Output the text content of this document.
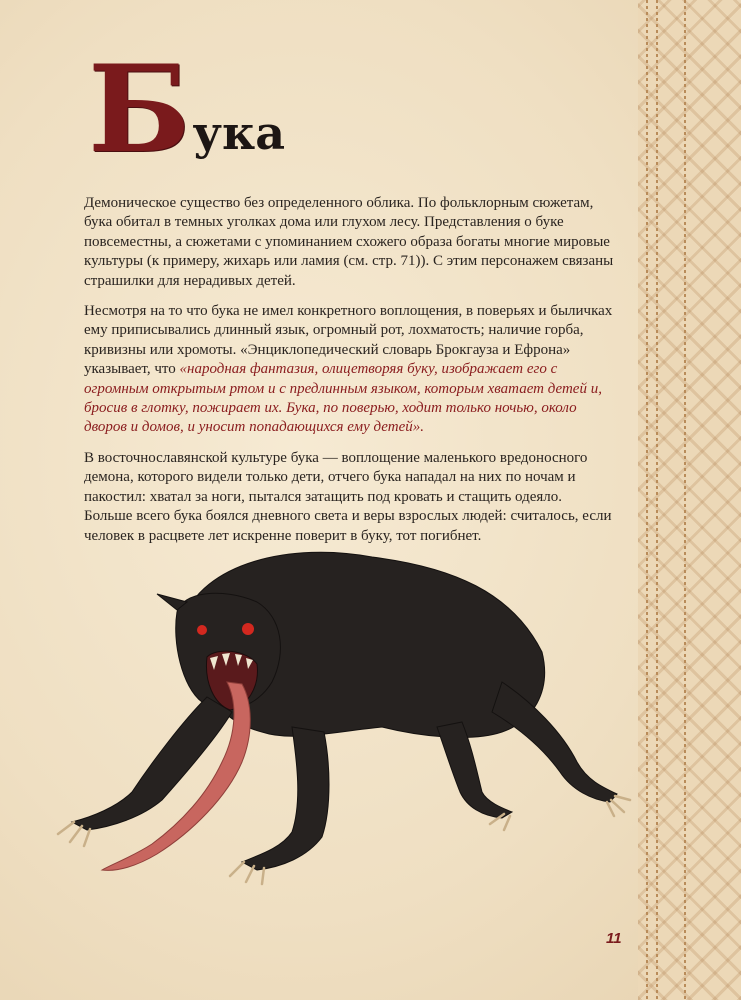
Б ука

Демоническое существо без определенного облика. По фольклорным сюжетам, бука обитал в темных уголках дома или глухом лесу. Представления о буке повсеместны, а сюжетами с упоминанием схожего образа богаты многие мировые культуры (к примеру, жихарь или ламия (см. стр. 71)). С этим персонажем связаны страшилки для нерадивых детей.

Несмотря на то что бука не имел конкретного воплощения, в поверьях и быличках ему приписывались длинный язык, огромный рот, лохматость; наличие горба, кривизны или хромоты. «Энциклопедический словарь Брокгауза и Ефрона» указывает, что «народная фантазия, олицетворяя буку, изображает его с огромным открытым ртом и с предлинным языком, которым хватает детей и, бросив в глотку, пожирает их. Бука, по поверью, ходит только ночью, около дворов и домов, и уносит попадающихся ему детей».

В восточнославянской культуре бука — воплощение маленького вредоносного демона, которого видели только дети, отчего бука нападал на них по ночам и пакостил: хватал за ноги, пытался затащить под кровать и стащить одеяло. Больше всего бука боялся дневного света и веры взрослых людей: считалось, если человек в расцвете лет искренне поверит в буку, тот погибнет.

11
